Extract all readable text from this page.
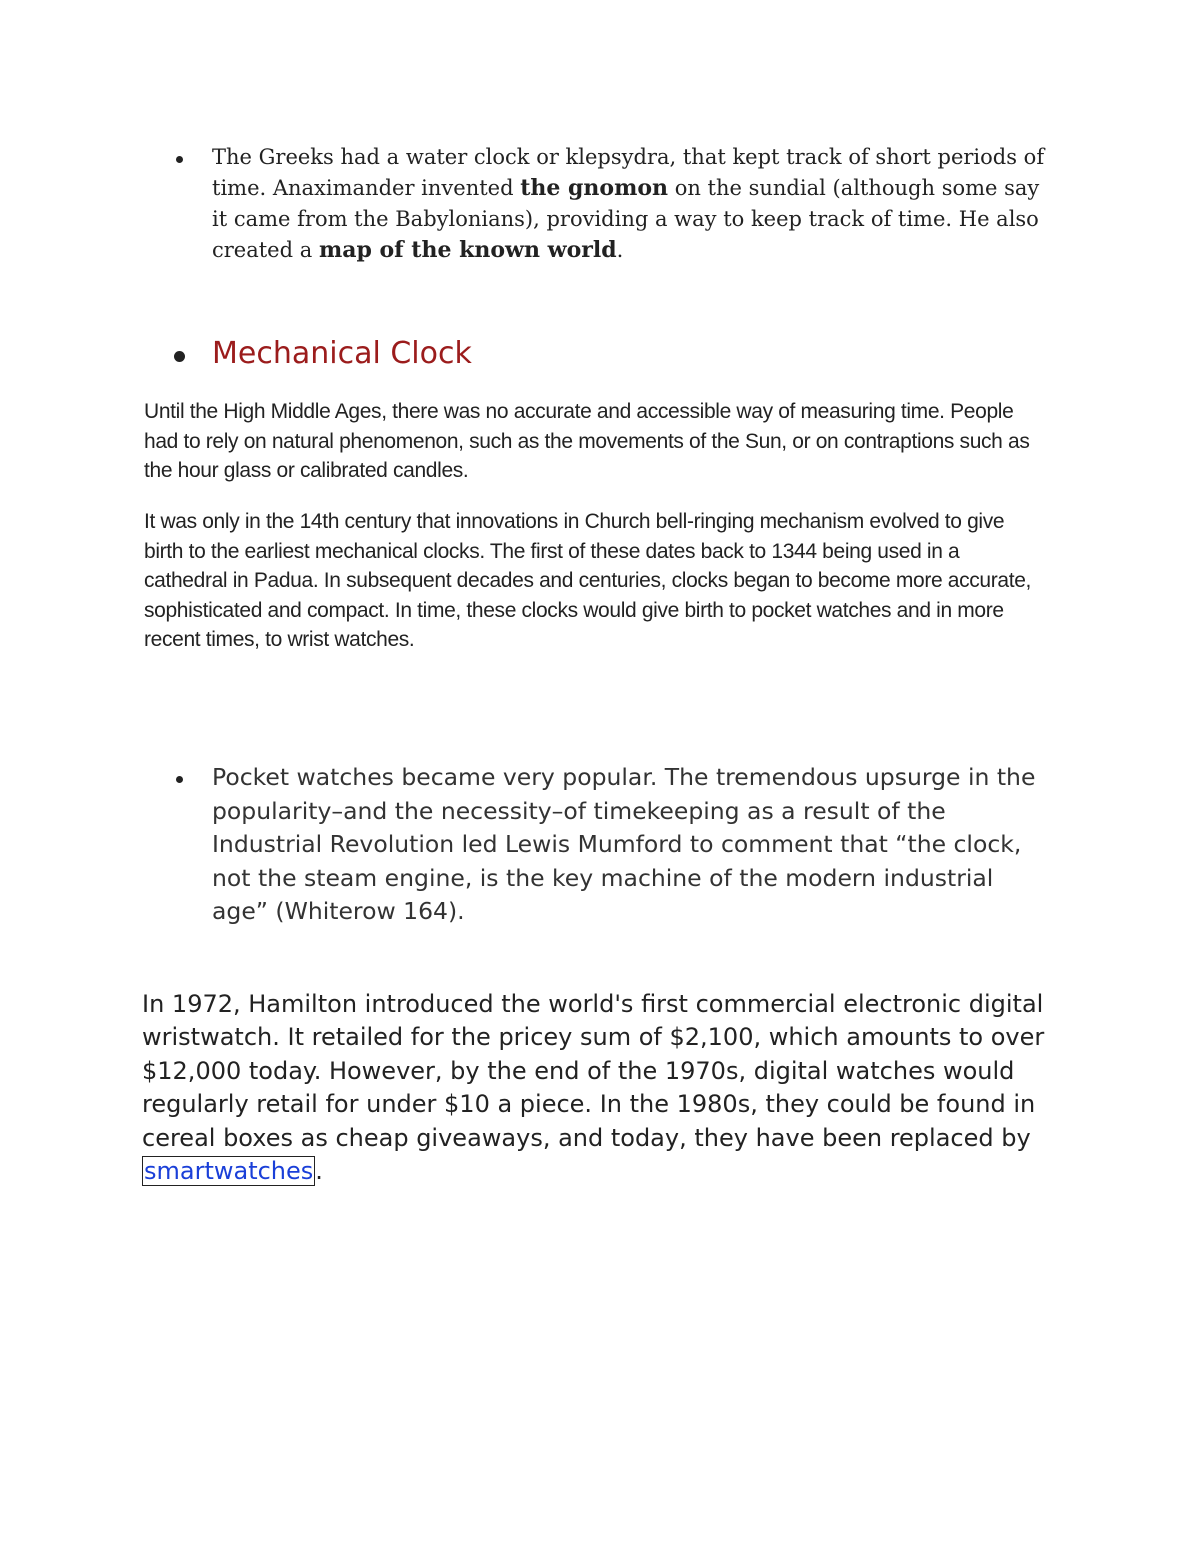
The Greeks had a water clock or klepsydra, that kept track of short periods of time. Anaximander invented the gnomon on the sundial (although some say it came from the Babylonians), providing a way to keep track of time. He also created a map of the known world.
Mechanical Clock
Until the High Middle Ages, there was no accurate and accessible way of measuring time. People had to rely on natural phenomenon, such as the movements of the Sun, or on contraptions such as the hour glass or calibrated candles.
It was only in the 14th century that innovations in Church bell-ringing mechanism evolved to give birth to the earliest mechanical clocks. The first of these dates back to 1344 being used in a cathedral in Padua. In subsequent decades and centuries, clocks began to become more accurate, sophisticated and compact. In time, these clocks would give birth to pocket watches and in more recent times, to wrist watches.
Pocket watches became very popular. The tremendous upsurge in the popularity–and the necessity–of timekeeping as a result of the Industrial Revolution led Lewis Mumford to comment that “the clock, not the steam engine, is the key machine of the modern industrial age” (Whiterow 164).
In 1972, Hamilton introduced the world's first commercial electronic digital wristwatch. It retailed for the pricey sum of $2,100, which amounts to over $12,000 today. However, by the end of the 1970s, digital watches would regularly retail for under $10 a piece. In the 1980s, they could be found in cereal boxes as cheap giveaways, and today, they have been replaced by smartwatches.
